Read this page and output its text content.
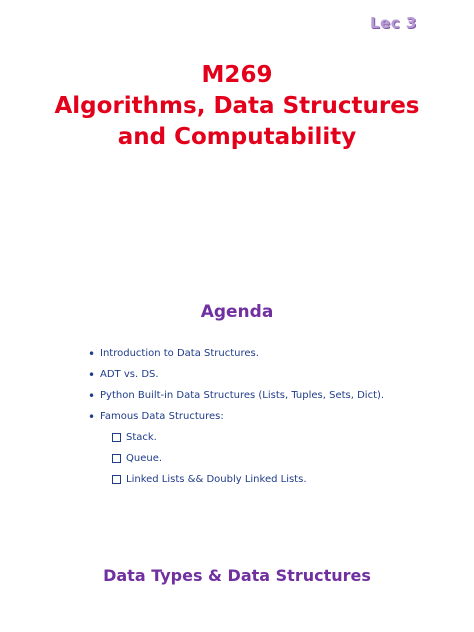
Lec 3
M269
Algorithms, Data Structures
and Computability
Agenda
• Introduction to Data Structures.
• ADT vs. DS.
• Python Built-in Data Structures (Lists, Tuples, Sets, Dict).
• Famous Data Structures:
Stack.
Queue.
Linked Lists && Doubly Linked Lists.
Data Types & Data Structures
